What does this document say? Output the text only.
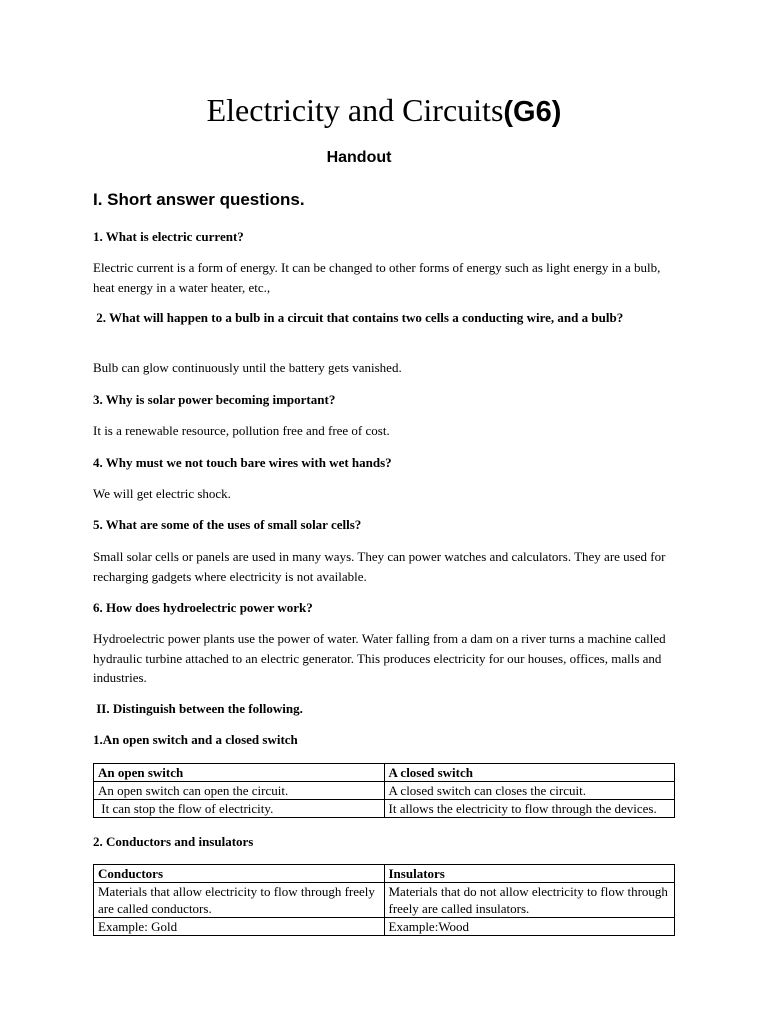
Electricity and Circuits(G6)
Handout
I. Short answer questions.
1. What is electric current?
Electric current is a form of energy. It can be changed to other forms of energy such as light energy in a bulb, heat energy in a water heater, etc.,
2. What will happen to a bulb in a circuit that contains two cells a conducting wire, and a bulb?
Bulb can glow continuously until the battery gets vanished.
3. Why is solar power becoming important?
It is a renewable resource, pollution free and free of cost.
4. Why must we not touch bare wires with wet hands?
We will get electric shock.
5. What are some of the uses of small solar cells?
Small solar cells or panels are used in many ways. They can power watches and calculators. They are used for recharging gadgets where electricity is not available.
6. How does hydroelectric power work?
Hydroelectric power plants use the power of water. Water falling from a dam on a river turns a machine called hydraulic turbine attached to an electric generator. This produces electricity for our houses, offices, malls and industries.
II. Distinguish between the following.
1.An open switch and a closed switch
An open switch	A closed switch
An open switch can open the circuit.	A closed switch can closes the circuit.
It can stop the flow of electricity.	It allows the electricity to flow through the devices.
2. Conductors and insulators
Conductors	Insulators
Materials that allow electricity to flow through freely are called conductors.	Materials that do not allow electricity to flow through freely are called insulators.
Example: Gold	Example:Wood
